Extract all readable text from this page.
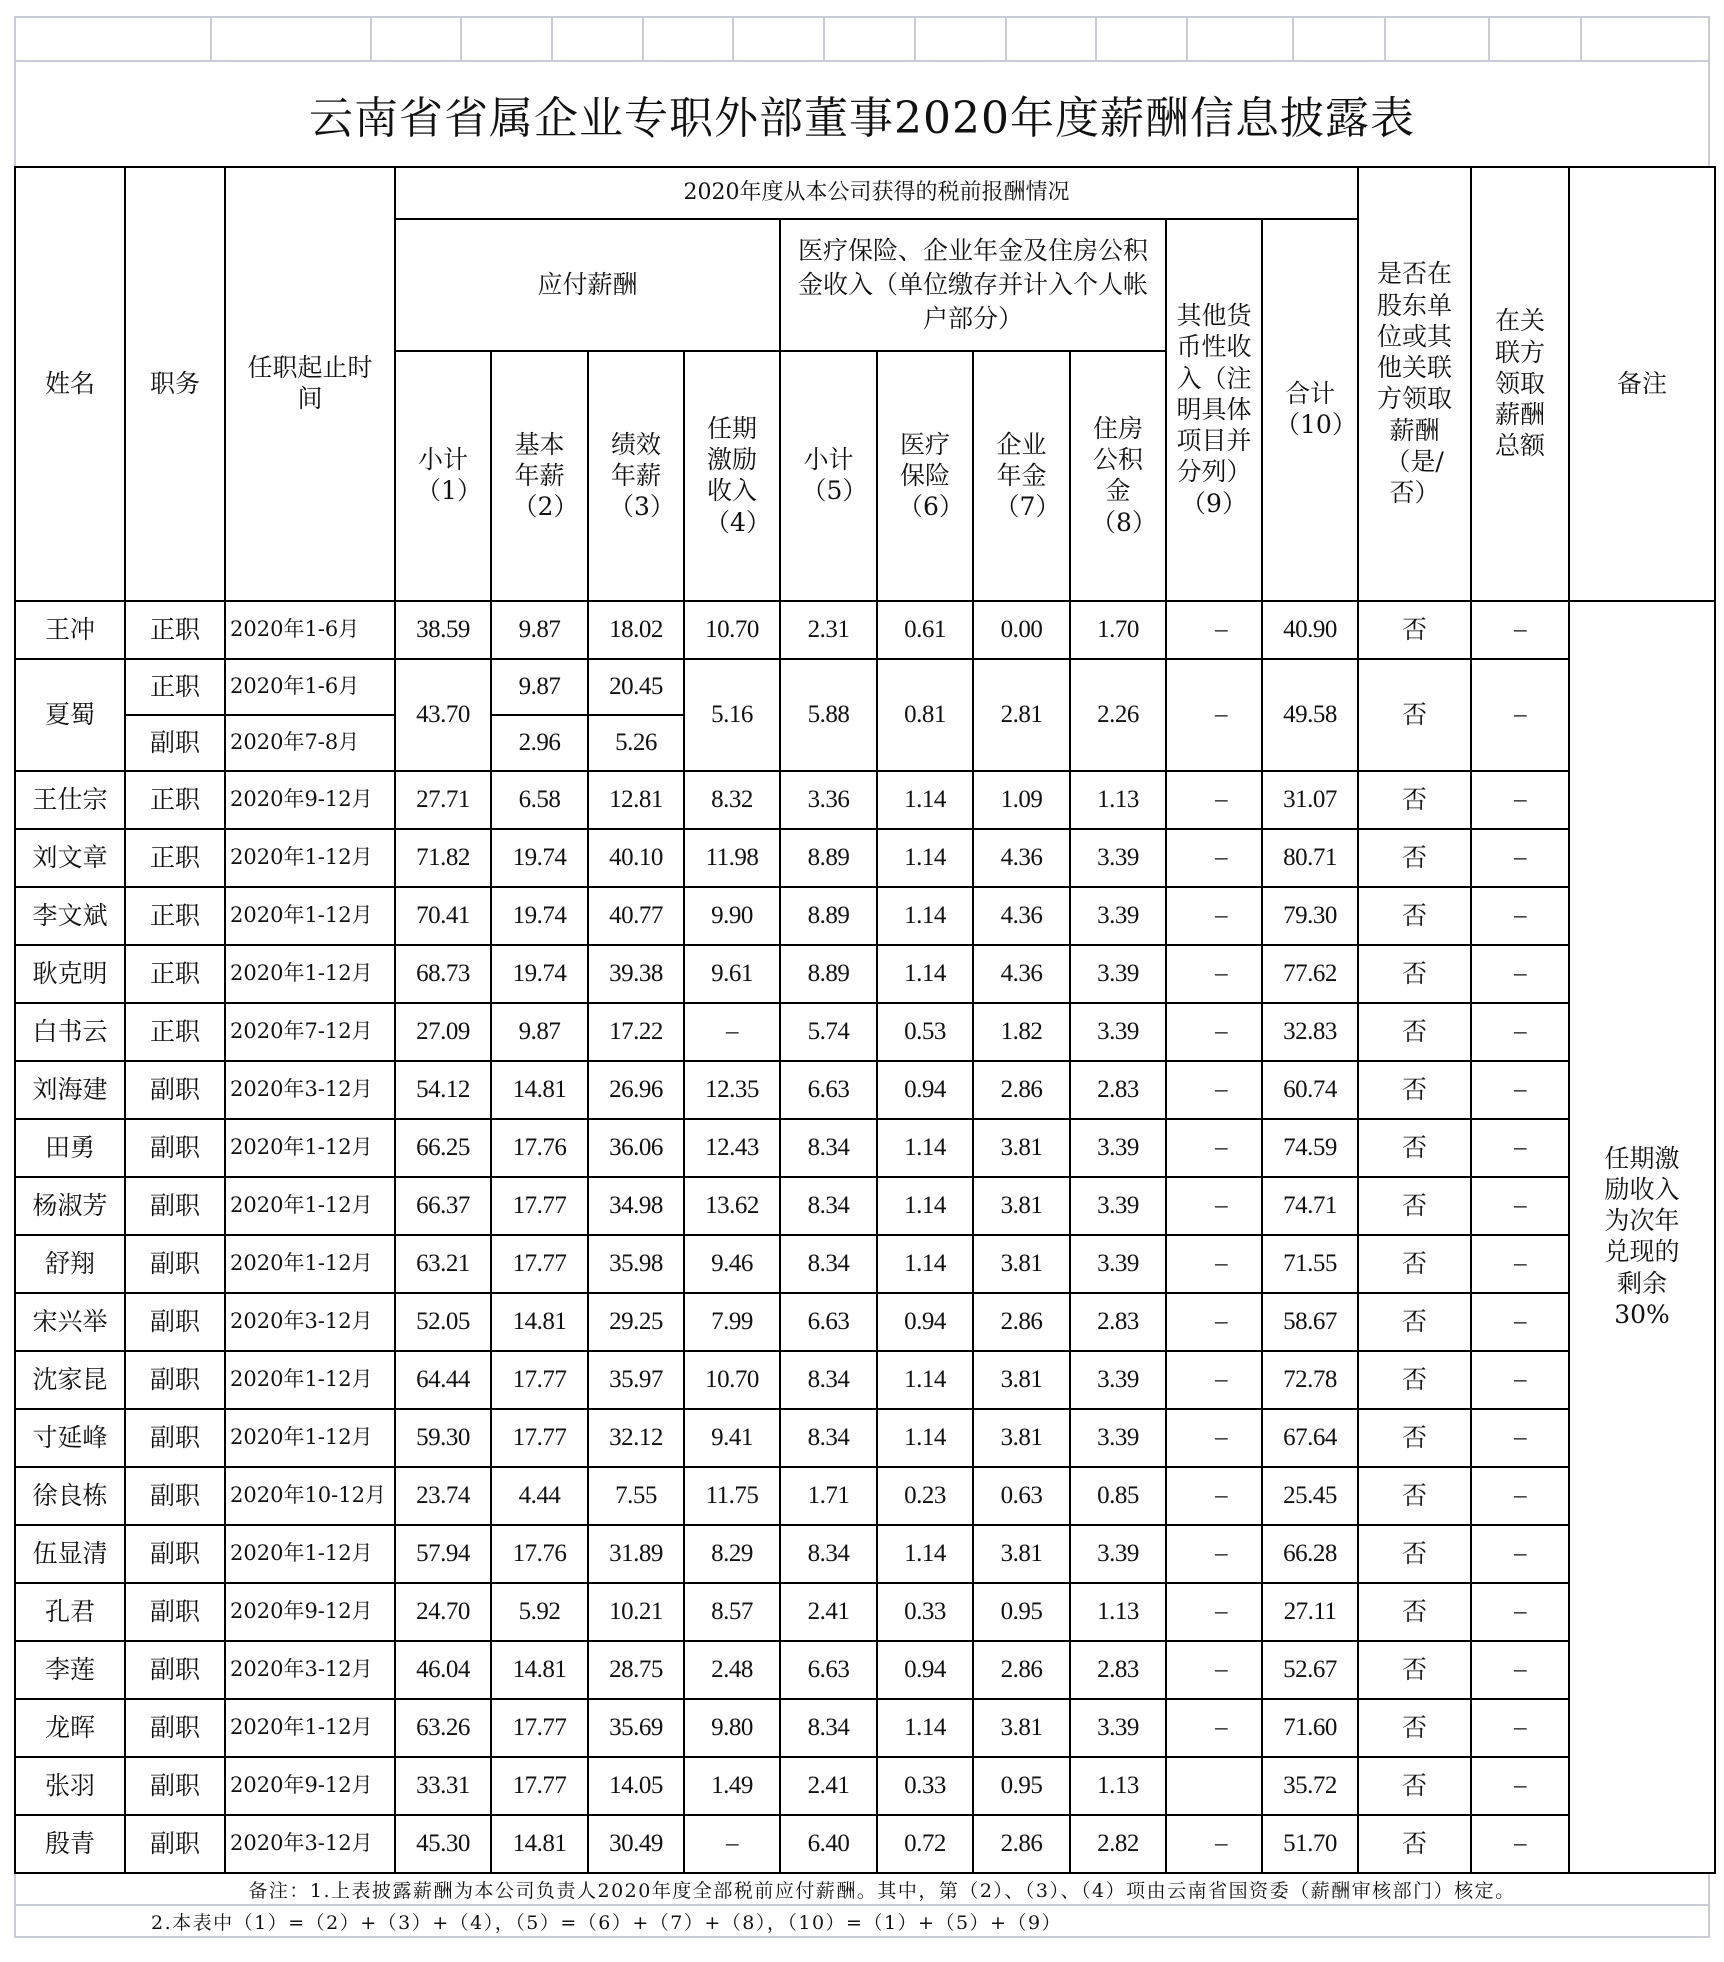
云南省省属企业专职外部董事2020年度薪酬信息披露表
姓名	职务	任职起止时间	2020年度从本公司获得的税前报酬情况										是否在股东单位或其他关联方领取薪酬（是/否）	在关联方领取薪酬总额	备注
			应付薪酬				医疗保险、企业年金及住房公积金收入（单位缴存并计入个人帐户部分）				其他货币性收入（注明具体项目并分列）（9）	合计（10）			
			小计（1）	基本年薪（2）	绩效年薪（3）	任期激励收入（4）	小计（5）	医疗保险（6）	企业年金（7）	住房公积金（8）					
王冲	正职	2020年1-6月	38.59	9.87	18.02	10.70	2.31	0.61	0.00	1.70	–	40.90	否	–	任期激励收入为次年兑现的剩余30%
夏蜀	正职	2020年1-6月	43.70	9.87	20.45	5.16	5.88	0.81	2.81	2.26	–	49.58	否	–	
	副职	2020年7-8月		2.96	5.26										
王仕宗	正职	2020年9-12月	27.71	6.58	12.81	8.32	3.36	1.14	1.09	1.13	–	31.07	否	–	
刘文章	正职	2020年1-12月	71.82	19.74	40.10	11.98	8.89	1.14	4.36	3.39	–	80.71	否	–	
李文斌	正职	2020年1-12月	70.41	19.74	40.77	9.90	8.89	1.14	4.36	3.39	–	79.30	否	–	
耿克明	正职	2020年1-12月	68.73	19.74	39.38	9.61	8.89	1.14	4.36	3.39	–	77.62	否	–	
白书云	正职	2020年7-12月	27.09	9.87	17.22	–	5.74	0.53	1.82	3.39	–	32.83	否	–	
刘海建	副职	2020年3-12月	54.12	14.81	26.96	12.35	6.63	0.94	2.86	2.83	–	60.74	否	–	
田勇	副职	2020年1-12月	66.25	17.76	36.06	12.43	8.34	1.14	3.81	3.39	–	74.59	否	–	
杨淑芳	副职	2020年1-12月	66.37	17.77	34.98	13.62	8.34	1.14	3.81	3.39	–	74.71	否	–	
舒翔	副职	2020年1-12月	63.21	17.77	35.98	9.46	8.34	1.14	3.81	3.39	–	71.55	否	–	
宋兴举	副职	2020年3-12月	52.05	14.81	29.25	7.99	6.63	0.94	2.86	2.83	–	58.67	否	–	
沈家昆	副职	2020年1-12月	64.44	17.77	35.97	10.70	8.34	1.14	3.81	3.39	–	72.78	否	–	
寸延峰	副职	2020年1-12月	59.30	17.77	32.12	9.41	8.34	1.14	3.81	3.39	–	67.64	否	–	
徐良栋	副职	2020年10-12月	23.74	4.44	7.55	11.75	1.71	0.23	0.63	0.85	–	25.45	否	–	
伍显清	副职	2020年1-12月	57.94	17.76	31.89	8.29	8.34	1.14	3.81	3.39	–	66.28	否	–	
孔君	副职	2020年9-12月	24.70	5.92	10.21	8.57	2.41	0.33	0.95	1.13	–	27.11	否	–	
李莲	副职	2020年3-12月	46.04	14.81	28.75	2.48	6.63	0.94	2.86	2.83	–	52.67	否	–	
龙晖	副职	2020年1-12月	63.26	17.77	35.69	9.80	8.34	1.14	3.81	3.39	–	71.60	否	–	
张羽	副职	2020年9-12月	33.31	17.77	14.05	1.49	2.41	0.33	0.95	1.13		35.72	否	–	
殷青	副职	2020年3-12月	45.30	14.81	30.49	–	6.40	0.72	2.86	2.82	–	51.70	否	–	
备注：1.上表披露薪酬为本公司负责人2020年度全部税前应付薪酬。其中，第（2）、（3）、（4）项由云南省国资委（薪酬审核部门）核定。
2.本表中（1）=（2）+（3）+（4），（5）=（6）+（7）+（8），（10）=（1）+（5）+（9）
